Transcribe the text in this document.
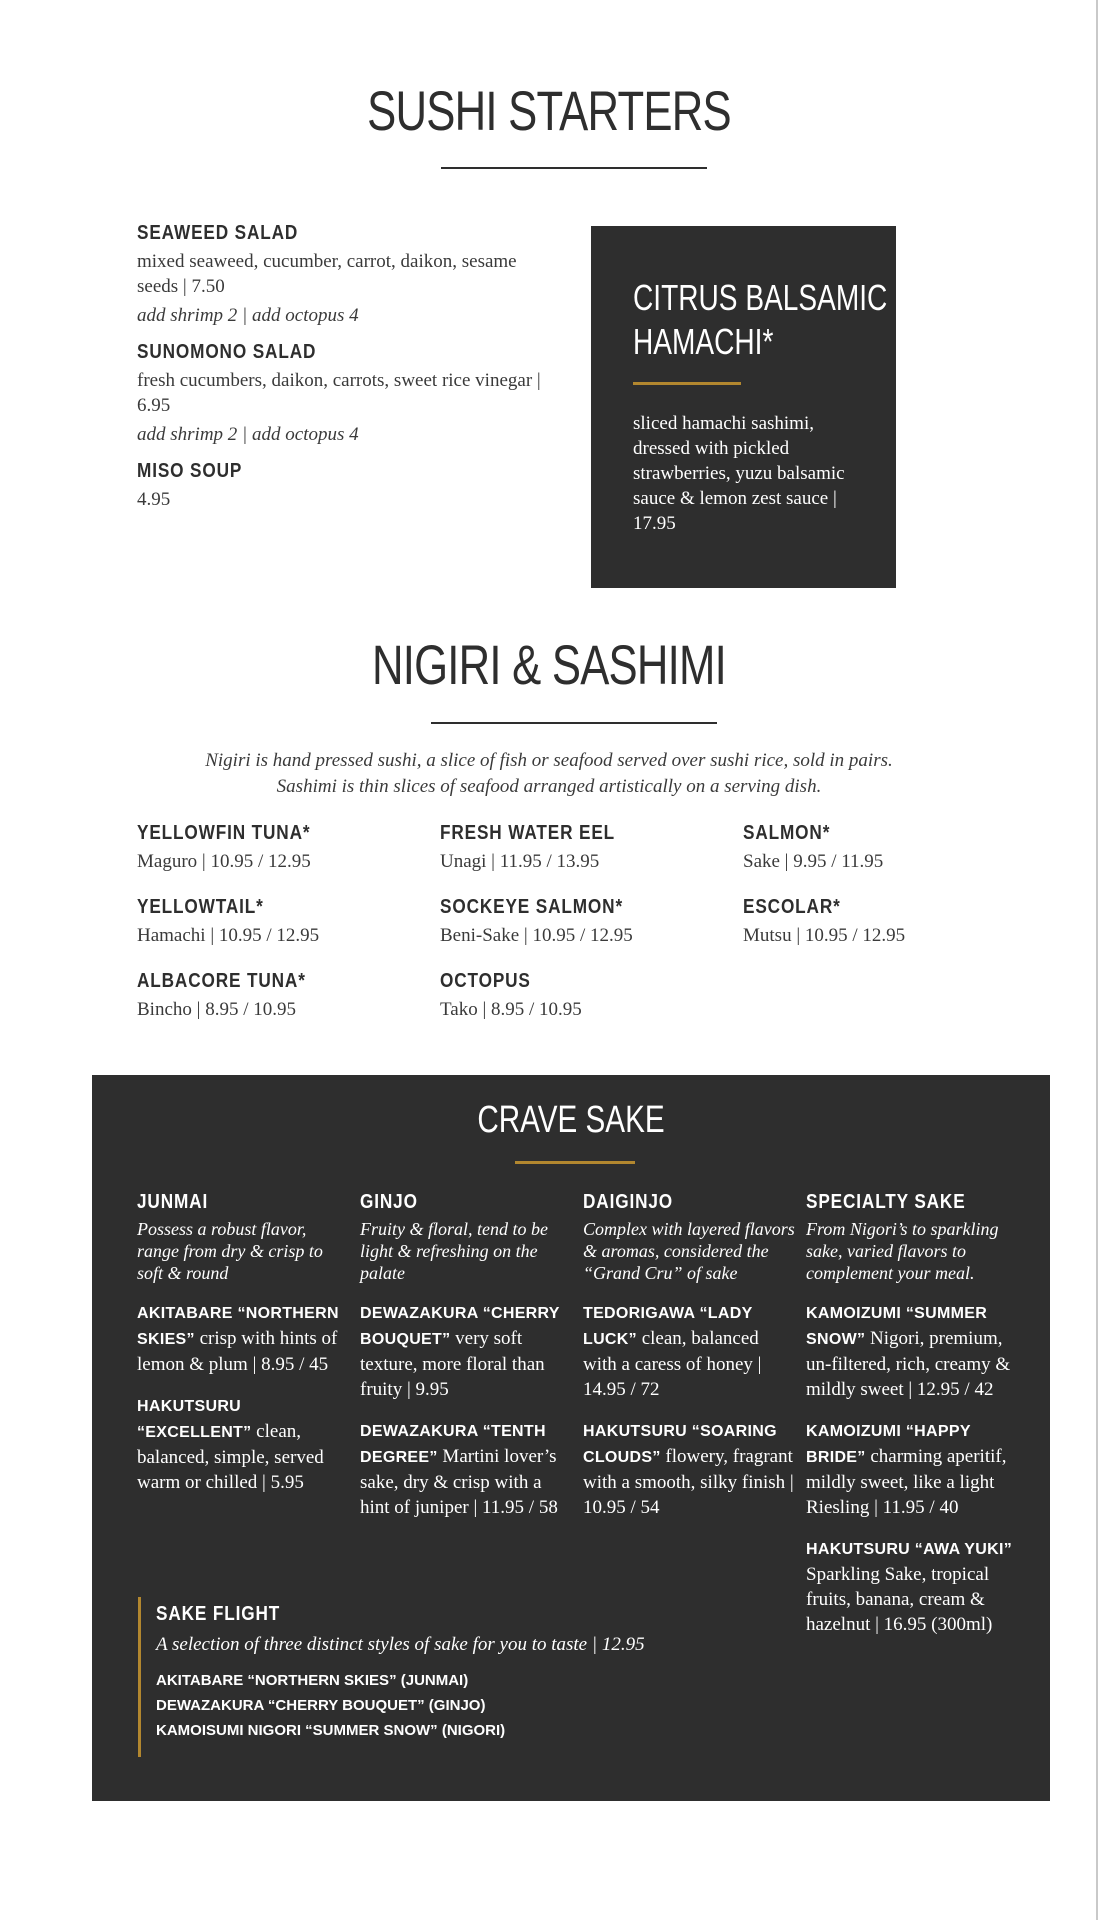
SUSHI STARTERS
SEAWEED SALAD
mixed seaweed, cucumber, carrot, daikon, sesame seeds | 7.50
add shrimp 2 | add octopus 4
SUNOMONO SALAD
fresh cucumbers, daikon, carrots, sweet rice vinegar | 6.95
add shrimp 2 | add octopus 4
MISO SOUP
4.95
CITRUS BALSAMIC
HAMACHI*
sliced hamachi sashimi, dressed with pickled strawberries, yuzu balsamic sauce & lemon zest sauce | 17.95
NIGIRI & SASHIMI
Nigiri is hand pressed sushi, a slice of fish or seafood served over sushi rice, sold in pairs.
Sashimi is thin slices of seafood arranged artistically on a serving dish.
YELLOWFIN TUNA*
Maguro | 10.95 / 12.95
YELLOWTAIL*
Hamachi | 10.95 / 12.95
ALBACORE TUNA*
Bincho | 8.95 / 10.95
FRESH WATER EEL
Unagi | 11.95 / 13.95
SOCKEYE SALMON*
Beni-Sake | 10.95 / 12.95
OCTOPUS
Tako | 8.95 / 10.95
SALMON*
Sake | 9.95 / 11.95
ESCOLAR*
Mutsu | 10.95 / 12.95
CRAVE SAKE
JUNMAI
Possess a robust flavor, range from dry & crisp to soft & round
AKITABARE “NORTHERN SKIES” crisp with hints of lemon & plum | 8.95 / 45
HAKUTSURU “EXCELLENT” clean, balanced, simple, served warm or chilled | 5.95
GINJO
Fruity & floral, tend to be light & refreshing on the palate
DEWAZAKURA “CHERRY BOUQUET” very soft texture, more floral than fruity | 9.95
DEWAZAKURA “TENTH DEGREE” Martini lover’s sake, dry & crisp with a hint of juniper | 11.95 / 58
DAIGINJO
Complex with layered flavors & aromas, considered the “Grand Cru” of sake
TEDORIGAWA “LADY LUCK” clean, balanced with a caress of honey | 14.95 / 72
HAKUTSURU “SOARING CLOUDS” flowery, fragrant with a smooth, silky finish | 10.95 / 54
SPECIALTY SAKE
From Nigori’s to sparkling sake, varied flavors to complement your meal.
KAMOIZUMI “SUMMER SNOW” Nigori, premium, un-filtered, rich, creamy & mildly sweet | 12.95 / 42
KAMOIZUMI “HAPPY BRIDE” charming aperitif, mildly sweet, like a light Riesling | 11.95 / 40
HAKUTSURU “AWA YUKI” Sparkling Sake, tropical fruits, banana, cream & hazelnut | 16.95 (300ml)
SAKE FLIGHT
A selection of three distinct styles of sake for you to taste | 12.95
AKITABARE “NORTHERN SKIES” (JUNMAI)
DEWAZAKURA “CHERRY BOUQUET” (GINJO)
KAMOISUMI NIGORI “SUMMER SNOW” (NIGORI)
